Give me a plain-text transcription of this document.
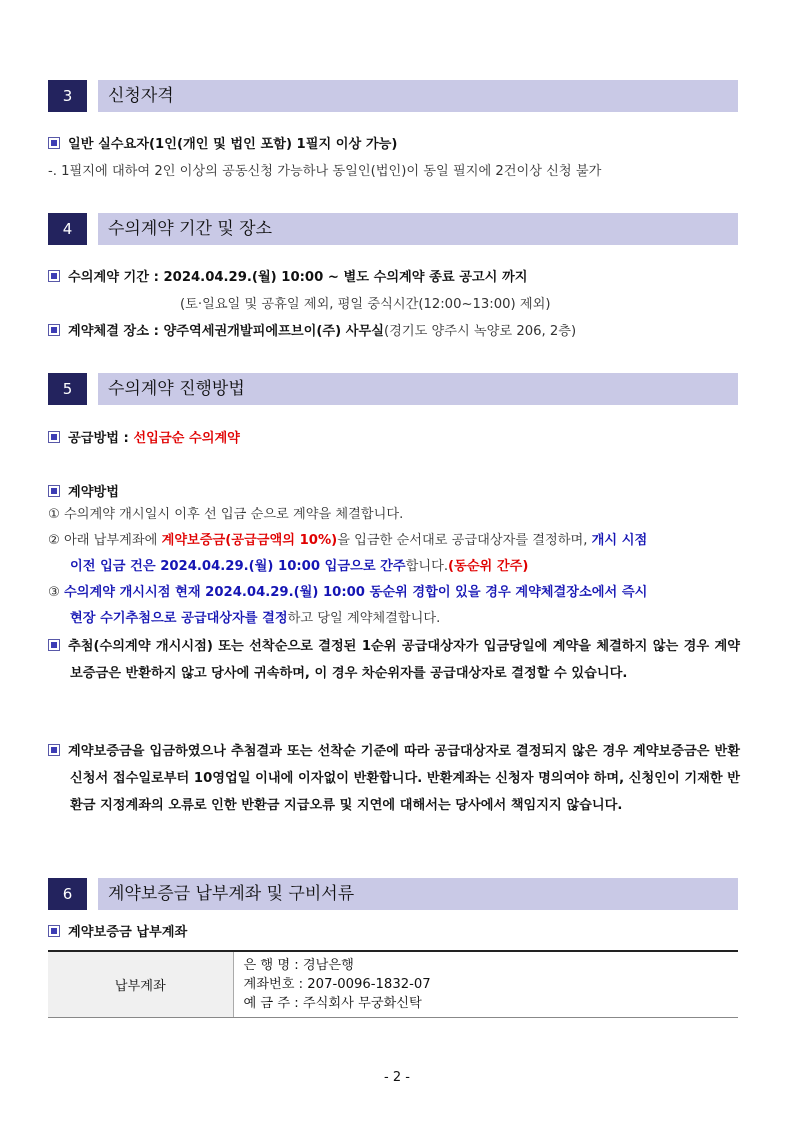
3	신청자격
일반 실수요자(1인(개인 및 법인 포함) 1필지 이상 가능)
-. 1필지에 대하여 2인 이상의 공동신청 가능하나 동일인(법인)이 동일 필지에 2건이상 신청 불가
4	수의계약 기간 및 장소
수의계약 기간 : 2024.04.29.(월) 10:00 ~ 별도 수의계약 종료 공고시 까지
(토·일요일 및 공휴일 제외, 평일 중식시간(12:00~13:00) 제외)
계약체결 장소 : 양주역세권개발피에프브이(주) 사무실(경기도 양주시 녹양로 206, 2층)
5	수의계약 진행방법
공급방법 : 선입금순 수의계약
계약방법
① 수의계약 개시일시 이후 선 입금 순으로 계약을 체결합니다.
② 아래 납부계좌에 계약보증금(공급금액의 10%)을 입금한 순서대로 공급대상자를 결정하며, 개시 시점
이전 입금 건은 2024.04.29.(월) 10:00 입금으로 간주합니다.(동순위 간주)
③ 수의계약 개시시점 현재 2024.04.29.(월) 10:00 동순위 경합이 있을 경우 계약체결장소에서 즉시
현장 수기추첨으로 공급대상자를 결정하고 당일 계약체결합니다.
추첨(수의계약 개시시점) 또는 선착순으로 결정된 1순위 공급대상자가 입금당일에 계약을 체결하지 않는 경우 계약보증금은 반환하지 않고 당사에 귀속하며, 이 경우 차순위자를 공급대상자로 결정할 수 있습니다.
계약보증금을 입금하였으나 추첨결과 또는 선착순 기준에 따라 공급대상자로 결정되지 않은 경우 계약보증금은 반환신청서 접수일로부터 10영업일 이내에 이자없이 반환합니다. 반환계좌는 신청자 명의여야 하며, 신청인이 기재한 반환금 지정계좌의 오류로 인한 반환금 지급오류 및 지연에 대해서는 당사에서 책임지지 않습니다.
6	계약보증금 납부계좌 및 구비서류
계약보증금 납부계좌
납부계좌	
은 행 명 : 경남은행
계좌번호 : 207-0096-1832-07
예 금 주 : 주식회사 무궁화신탁
- 2 -
